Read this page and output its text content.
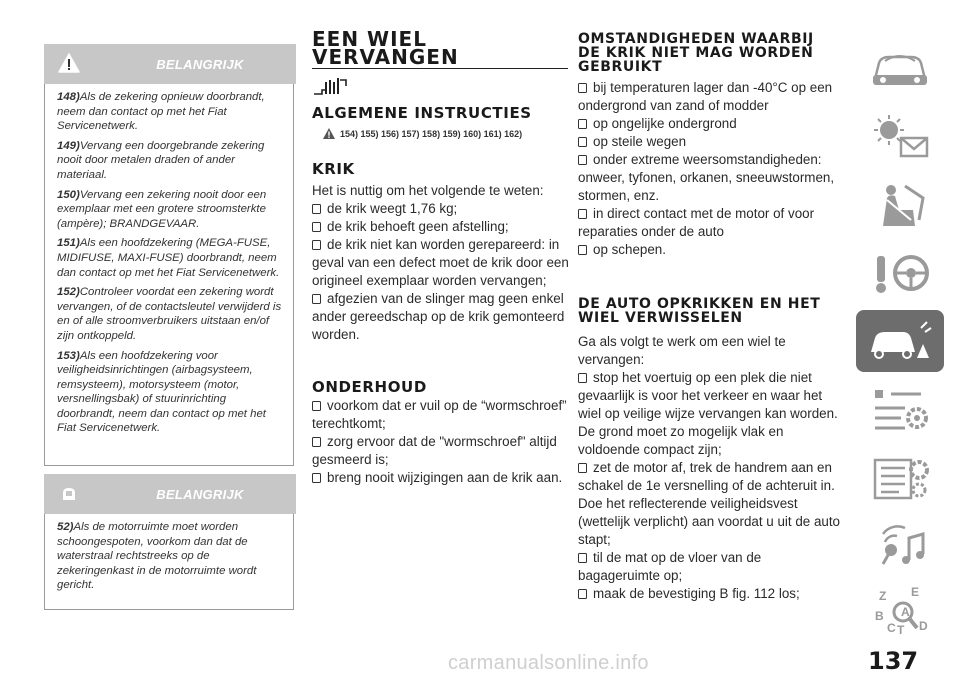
BELANGRIJK

148)Als de zekering opnieuw doorbrandt, neem dan contact op met het Fiat Servicenetwerk.

149)Vervang een doorgebrande zekering nooit door metalen draden of ander materiaal.

150)Vervang een zekering nooit door een exemplaar met een grotere stroomsterkte (ampère); BRANDGEVAAR.

151)Als een hoofdzekering (MEGA-FUSE, MIDIFUSE, MAXI-FUSE) doorbrandt, neem dan contact op met het Fiat Servicenetwerk.

152)Controleer voordat een zekering wordt vervangen, of de contactsleutel verwijderd is en of alle stroomverbruikers uitstaan en/of zijn ontkoppeld.

153)Als een hoofdzekering voor veiligheidsinrichtingen (airbagsysteem, remsysteem), motorsysteem (motor, versnellingsbak) of stuurinrichting doorbrandt, neem dan contact op met het Fiat Servicenetwerk.

BELANGRIJK

52)Als de motorruimte moet worden schoongespoten, voorkom dan dat de waterstraal rechtstreeks op de zekeringenkast in de motorruimte wordt gericht.

EEN WIEL
VERVANGEN
ALGEMENE INSTRUCTIES
154) 155) 156) 157) 158) 159) 160) 161) 162)
KRIK

Het is nuttig om het volgende te weten:

de krik weegt 1,76 kg;

de krik behoeft geen afstelling;

de krik niet kan worden gerepareerd: in geval van een defect moet de krik door een origineel exemplaar worden vervangen;

afgezien van de slinger mag geen enkel ander gereedschap op de krik gemonteerd worden.

ONDERHOUD

voorkom dat er vuil op de “wormschroef” terechtkomt;

zorg ervoor dat de "wormschroef" altijd gesmeerd is;

breng nooit wijzigingen aan de krik aan.

OMSTANDIGHEDEN WAARBIJ DE KRIK NIET MAG WORDEN GEBRUIKT

bij temperaturen lager dan -40°C op een ondergrond van zand of modder

op ongelijke ondergrond

op steile wegen

onder extreme weersomstandigheden: onweer, tyfonen, orkanen, sneeuwstormen, stormen, enz.

in direct contact met de motor of voor reparaties onder de auto

op schepen.

DE AUTO OPKRIKKEN EN HET WIEL VERWISSELEN

Ga als volgt te werk om een wiel te vervangen:

stop het voertuig op een plek die niet gevaarlijk is voor het verkeer en waar het wiel op veilige wijze vervangen kan worden. De grond moet zo mogelijk vlak en voldoende compact zijn;

zet de motor af, trek de handrem aan en schakel de 1e versnelling of de achteruit in. Doe het reflecterende veiligheidsvest (wettelijk verplicht) aan voordat u uit de auto stapt;

til de mat op de vloer van de bagageruimte op;

maak de bevestiging B fig. 112 los;	Z E
B
C T
A
D
137
carmanualsonline.info
